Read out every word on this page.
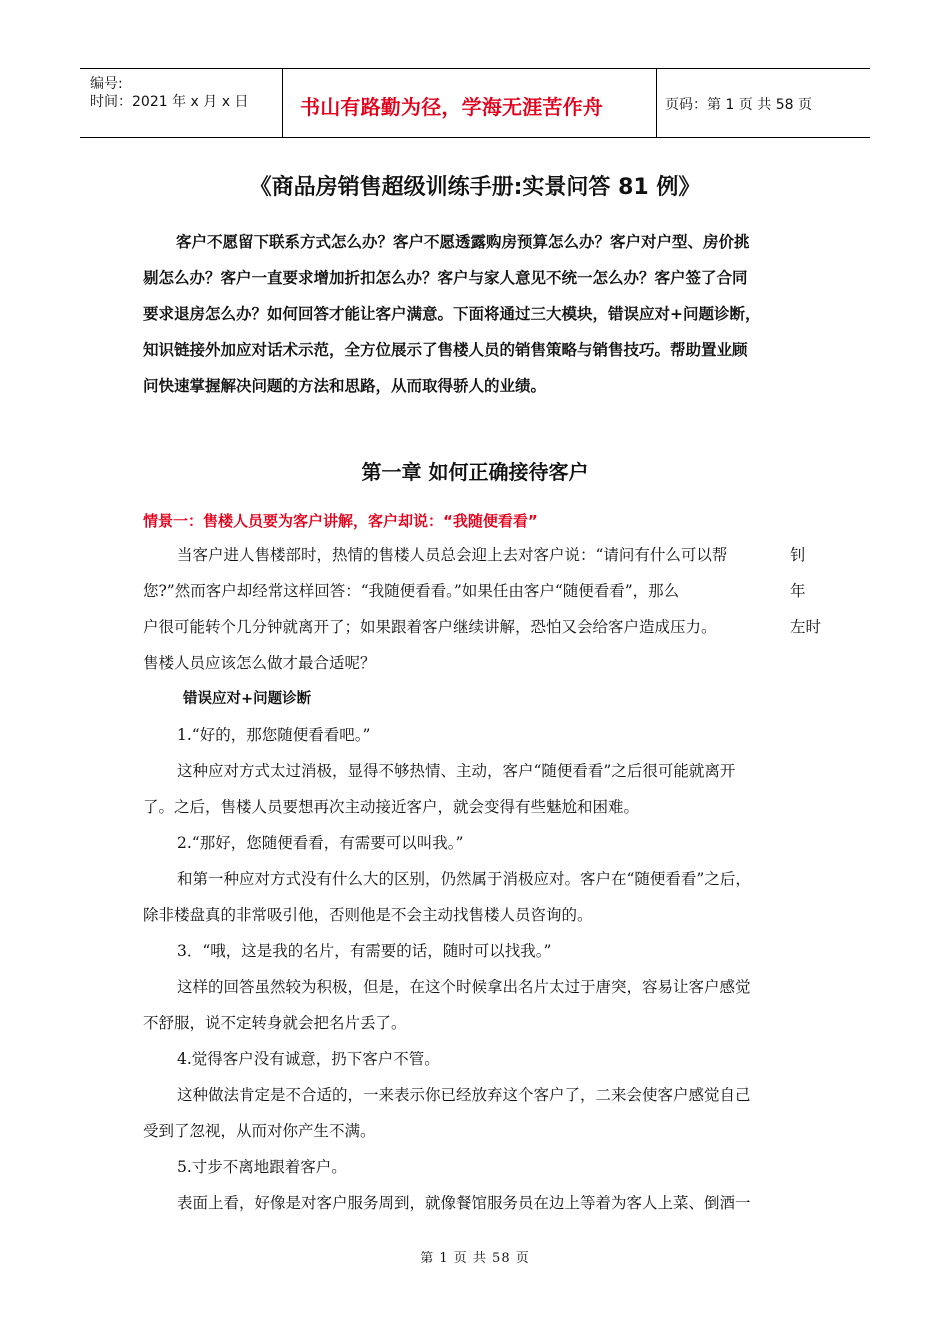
编号:
时间：2021 年 x 月 x 日	书山有路勤为径，学海无涯苦作舟	页码：第 1 页 共 58 页
《商品房销售超级训练手册:实景问答 81 例》
客户不愿留下联系方式怎么办？客户不愿透露购房预算怎么办？客户对户型、房价挑
剔怎么办？客户一直要求增加折扣怎么办？客户与家人意见不统一怎么办？客户签了合同
要求退房怎么办？如何回答才能让客户满意。下面将通过三大模块，错误应对+问题诊断，
知识链接外加应对话术示范，全方位展示了售楼人员的销售策略与销售技巧。帮助置业顾
问快速掌握解决问题的方法和思路，从而取得骄人的业绩。
第一章 如何正确接待客户
情景一：售楼人员要为客户讲解，客户却说：“我随便看看”
当客户进人售楼部时，热情的售楼人员总会迎上去对客户说：“请问有什么可以帮
您?”然而客户却经常这样回答：“我随便看看。”如果任由客户“随便看看”，那么
户很可能转个几分钟就离开了；如果跟着客户继续讲解，恐怕又会给客户造成压力。
售楼人员应该怎么做才最合适呢？
错误应对+问题诊断
1.“好的，那您随便看看吧。”
这种应对方式太过消极，显得不够热情、主动，客户“随便看看”之后很可能就离开
了。之后，售楼人员要想再次主动接近客户，就会变得有些魅尬和困难。
2.“那好，您随便看看，有需要可以叫我。”
和第一种应对方式没有什么大的区别，仍然属于消极应对。客户在“随便看看”之后，
除非楼盘真的非常吸引他，否则他是不会主动找售楼人员咨询的。
3．“哦，这是我的名片，有需要的话，随时可以找我。”
这样的回答虽然较为积极，但是，在这个时候拿出名片太过于唐突，容易让客户感觉
不舒服，说不定转身就会把名片丢了。
4.觉得客户没有诚意，扔下客户不管。
这种做法肯定是不合适的，一来表示你已经放弃这个客户了，二来会使客户感觉自己
受到了忽视，从而对你产生不满。
5.寸步不离地跟着客户。
表面上看，好像是对客户服务周到，就像餐馆服务员在边上等着为客人上菜、倒酒一
钊
年
左时
第 1 页 共 58 页
